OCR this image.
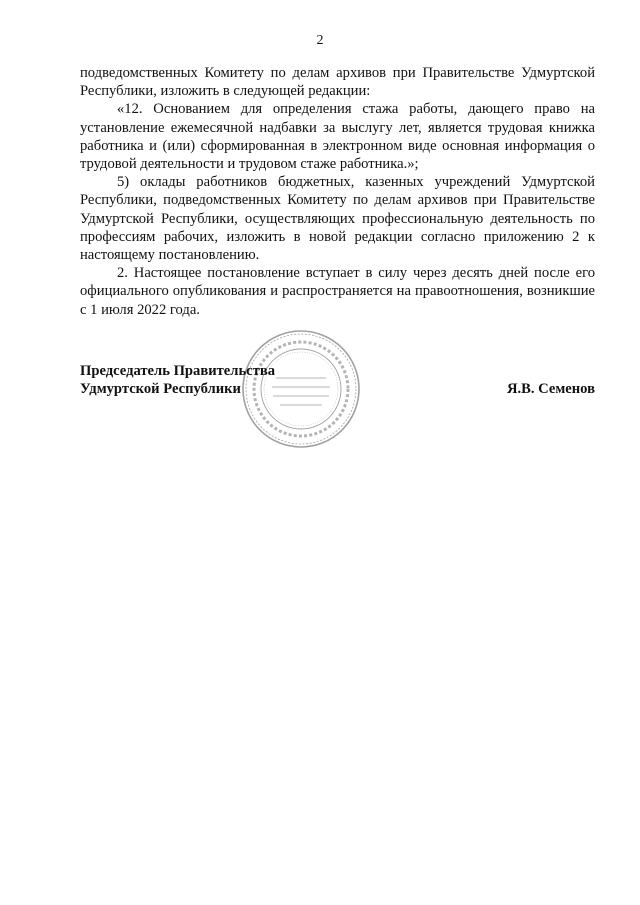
2

подведомственных Комитету по делам архивов при Правительстве Удмуртской Республики, изложить в следующей редакции:

«12. Основанием для определения стажа работы, дающего право на установление ежемесячной надбавки за выслугу лет, является трудовая книжка работника и (или) сформированная в электронном виде основная информация о трудовой деятельности и трудовом стаже работника.»;

5) оклады работников бюджетных, казенных учреждений Удмуртской Республики, подведомственных Комитету по делам архивов при Правительстве Удмуртской Республики, осуществляющих профессиональную деятельность по профессиям рабочих, изложить в новой редакции согласно приложению 2 к настоящему постановлению.

2. Настоящее постановление вступает в силу через десять дней после его официального опубликования и распространяется на правоотношения, возникшие с 1 июля 2022 года.

Председатель Правительства
Удмуртской Республики	Я.В. Семенов
